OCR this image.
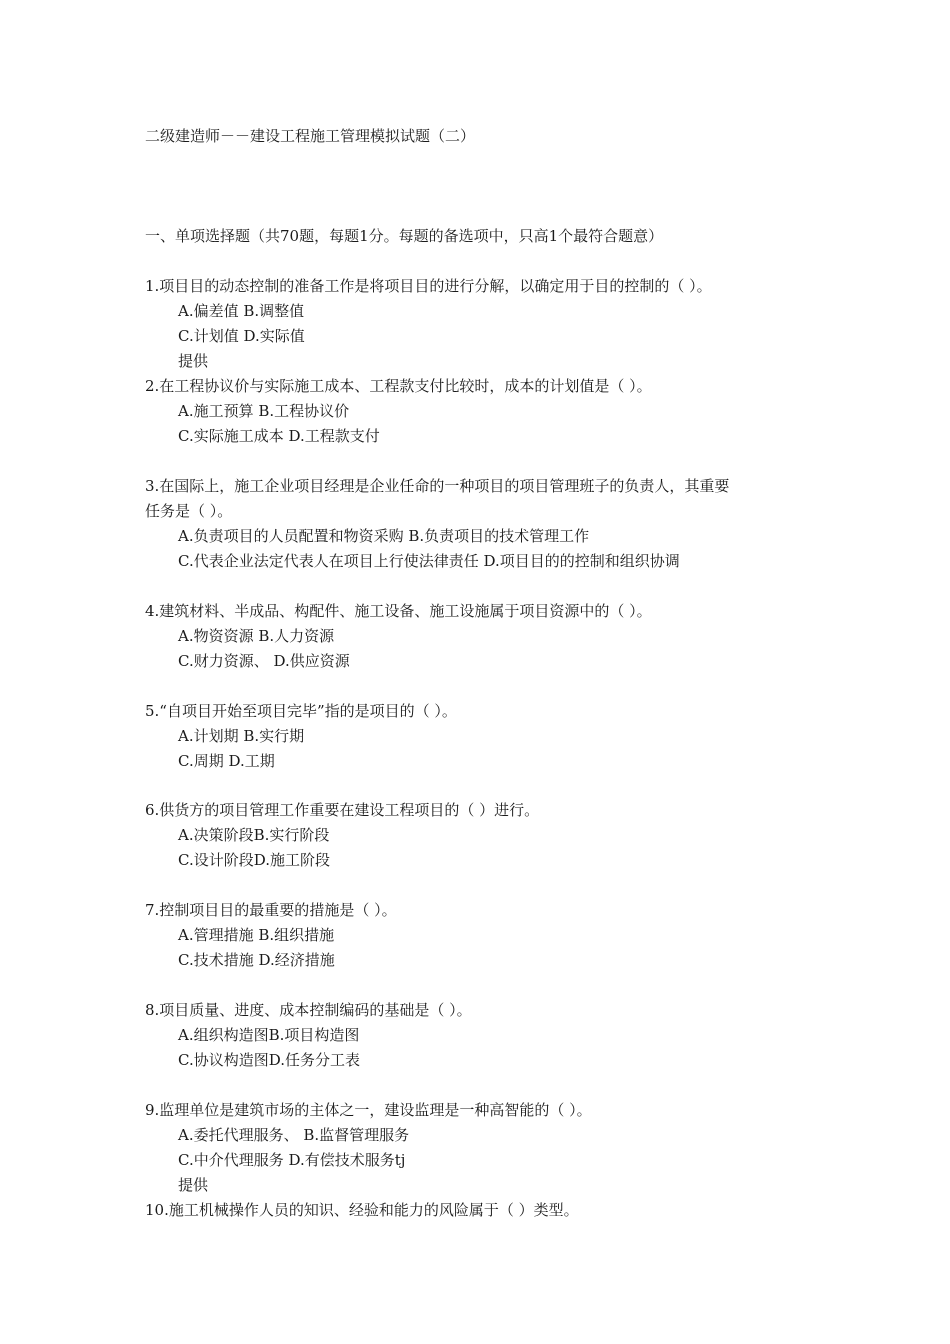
二级建造师－－建设工程施工管理模拟试题（二）
一、单项选择题（共70题，每题1分。每题的备选项中，只高1个最符合题意）
1.项目目的动态控制的准备工作是将项目目的进行分解，以确定用于目的控制的（ ）。
A.偏差值 B.调整值
C.计划值 D.实际值
提供
2.在工程协议价与实际施工成本、工程款支付比较时，成本的计划值是（ ）。
A.施工预算 B.工程协议价
C.实际施工成本 D.工程款支付
3.在国际上，施工企业项目经理是企业任命的一种项目的项目管理班子的负责人，其重要
任务是（ ）。
A.负责项目的人员配置和物资采购 B.负责项目的技术管理工作
C.代表企业法定代表人在项目上行使法律责任 D.项目目的的控制和组织协调
4.建筑材料、半成品、构配件、施工设备、施工设施属于项目资源中的（ ）。
A.物资资源 B.人力资源
C.财力资源、 D.供应资源
5.“自项目开始至项目完毕”指的是项目的（ ）。
A.计划期 B.实行期
C.周期 D.工期
6.供货方的项目管理工作重要在建设工程项目的（ ）进行。
A.决策阶段B.实行阶段
C.设计阶段D.施工阶段
7.控制项目目的最重要的措施是（ ）。
A.管理措施 B.组织措施
C.技术措施 D.经济措施
8.项目质量、进度、成本控制编码的基础是（ ）。
A.组织构造图B.项目构造图
C.协议构造图D.任务分工表
9.监理单位是建筑市场的主体之一，建设监理是一种高智能的（ ）。
A.委托代理服务、 B.监督管理服务
C.中介代理服务 D.有偿技术服务tj
提供
10.施工机械操作人员的知识、经验和能力的风险属于（ ）类型。
